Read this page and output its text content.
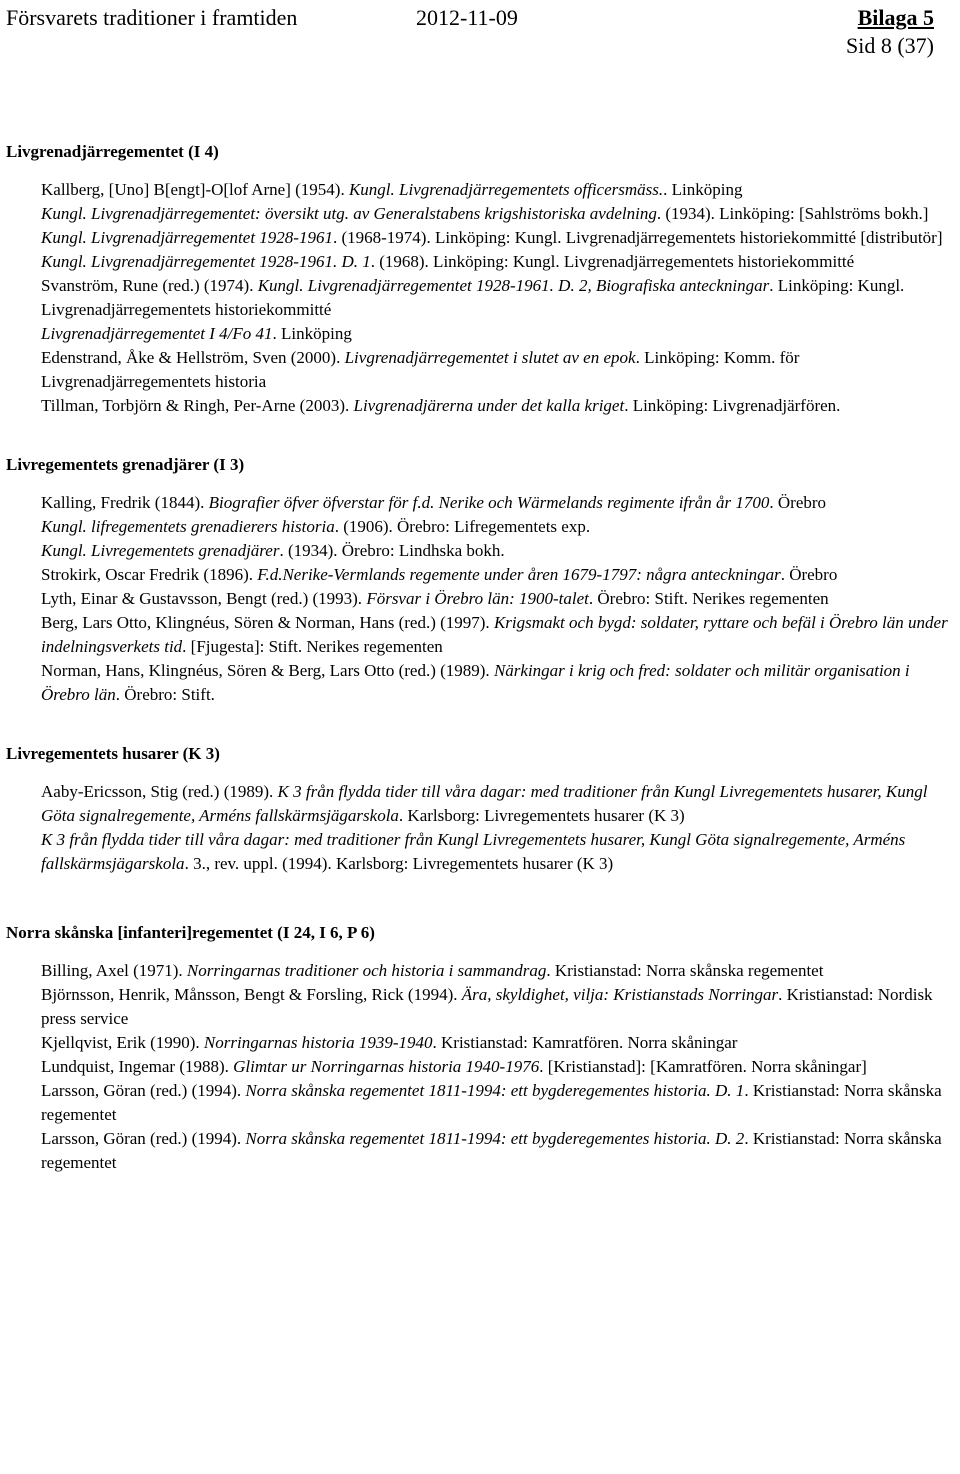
Försvarets traditioner i framtiden	2012-11-09	Bilaga 5
Sid 8 (37)

Livgrenadjärregementet (I 4)

Kallberg, [Uno] B[engt]-O[lof Arne] (1954). Kungl. Livgrenadjärregementets officersmäss.. Linköping

Kungl. Livgrenadjärregementet: översikt utg. av Generalstabens krigshistoriska avdelning. (1934). Linköping: [Sahlströms bokh.]

Kungl. Livgrenadjärregementet 1928-1961. (1968-1974). Linköping: Kungl. Livgrenadjärregementets historiekommitté [distributör]

Kungl. Livgrenadjärregementet 1928-1961. D. 1. (1968). Linköping: Kungl. Livgrenadjärregementets historiekommitté

Svanström, Rune (red.) (1974). Kungl. Livgrenadjärregementet 1928-1961. D. 2, Biografiska anteckningar. Linköping: Kungl. Livgrenadjärregementets historiekommitté

Livgrenadjärregementet I 4/Fo 41. Linköping

Edenstrand, Åke & Hellström, Sven (2000). Livgrenadjärregementet i slutet av en epok. Linköping: Komm. för Livgrenadjärregementets historia

Tillman, Torbjörn & Ringh, Per-Arne (2003). Livgrenadjärerna under det kalla kriget. Linköping: Livgrenadjärfören.

Livregementets grenadjärer (I 3)

Kalling, Fredrik (1844). Biografier öfver öfverstar för f.d. Nerike och Wärmelands regimente ifrån år 1700. Örebro

Kungl. lifregementets grenadierers historia. (1906). Örebro: Lifregementets exp.

Kungl. Livregementets grenadjärer. (1934). Örebro: Lindhska bokh.

Strokirk, Oscar Fredrik (1896). F.d.Nerike-Vermlands regemente under åren 1679-1797: några anteckningar. Örebro

Lyth, Einar & Gustavsson, Bengt (red.) (1993). Försvar i Örebro län: 1900-talet. Örebro: Stift. Nerikes regementen

Berg, Lars Otto, Klingnéus, Sören & Norman, Hans (red.) (1997). Krigsmakt och bygd: soldater, ryttare och befäl i Örebro län under indelningsverkets tid. [Fjugesta]: Stift. Nerikes regementen

Norman, Hans, Klingnéus, Sören & Berg, Lars Otto (red.) (1989). Närkingar i krig och fred: soldater och militär organisation i Örebro län. Örebro: Stift.

Livregementets husarer (K 3)

Aaby-Ericsson, Stig (red.) (1989). K 3 från flydda tider till våra dagar: med traditioner från Kungl Livregementets husarer, Kungl Göta signalregemente, Arméns fallskärmsjägarskola. Karlsborg: Livregementets husarer (K 3)

K 3 från flydda tider till våra dagar: med traditioner från Kungl Livregementets husarer, Kungl Göta signalregemente, Arméns fallskärmsjägarskola. 3., rev. uppl. (1994). Karlsborg: Livregementets husarer (K 3)

Norra skånska [infanteri]regementet (I 24, I 6, P 6)

Billing, Axel (1971). Norringarnas traditioner och historia i sammandrag. Kristianstad: Norra skånska regementet

Björnsson, Henrik, Månsson, Bengt & Forsling, Rick (1994). Ära, skyldighet, vilja: Kristianstads Norringar. Kristianstad: Nordisk press service

Kjellqvist, Erik (1990). Norringarnas historia 1939-1940. Kristianstad: Kamratfören. Norra skåningar

Lundquist, Ingemar (1988). Glimtar ur Norringarnas historia 1940-1976. [Kristianstad]: [Kamratfören. Norra skåningar]

Larsson, Göran (red.) (1994). Norra skånska regementet 1811-1994: ett bygderegementes historia. D. 1. Kristianstad: Norra skånska regementet

Larsson, Göran (red.) (1994). Norra skånska regementet 1811-1994: ett bygderegementes historia. D. 2. Kristianstad: Norra skånska regementet
